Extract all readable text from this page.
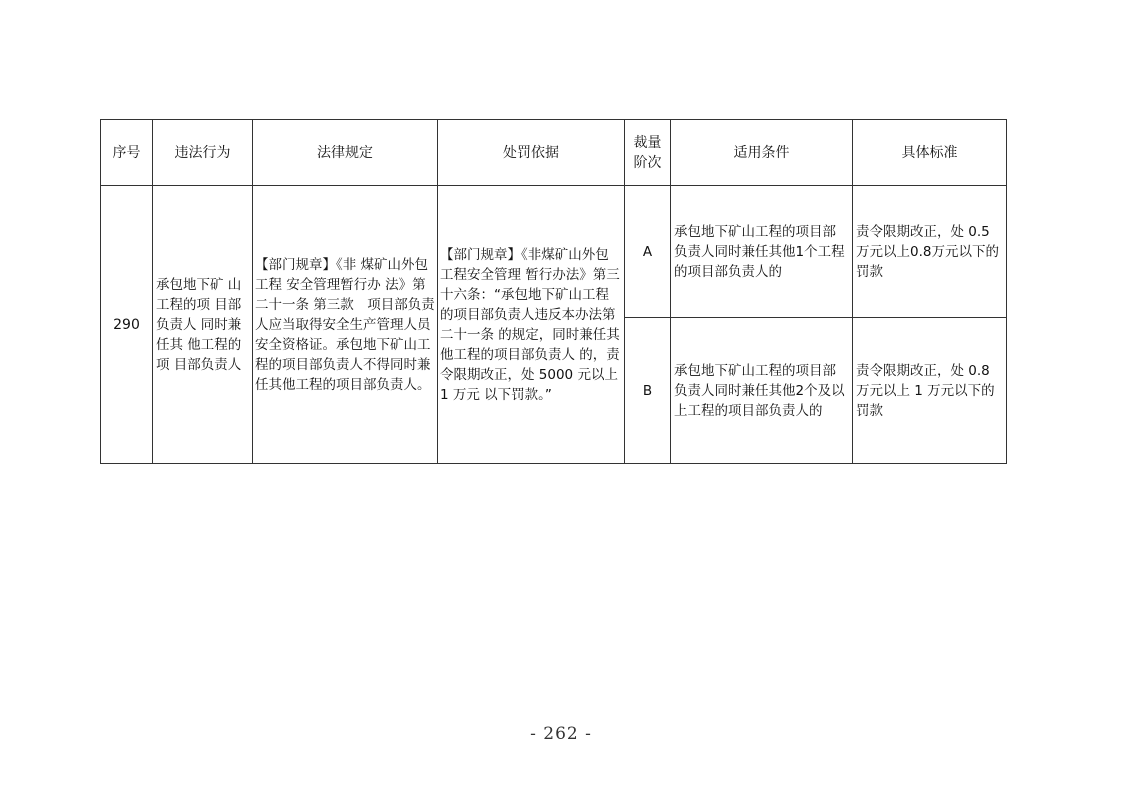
序号	违法行为	法律规定	处罚依据	裁量阶次	适用条件	具体标准
290	承包地下矿 山工程的项 目部负责人 同时兼任其 他工程的项 目部负责人	【部门规章】《非 煤矿山外包工程 安全管理暂行办 法》第二十一条 第三款　项目部负责人应当取得安全生产管理人员安全资格证。承包地下矿山工程的项目部负责人不得同时兼任其他工程的项目部负责人。	【部门规章】《非煤矿山外包工程安全管理 暂行办法》第三十六条：“承包地下矿山工程的项目部负责人违反本办法第二十一条 的规定，同时兼任其他工程的项目部负责人 的，责令限期改正，处 5000 元以上 1 万元 以下罚款。”	A	承包地下矿山工程的项目部负责人同时兼任其他1个工程的项目部负责人的	责令限期改正，处 0.5 万元以上0.8万元以下的罚款
				B	承包地下矿山工程的项目部负责人同时兼任其他2个及以上工程的项目部负责人的	责令限期改正，处 0.8万元以上 1 万元以下的罚款
- 262 -
